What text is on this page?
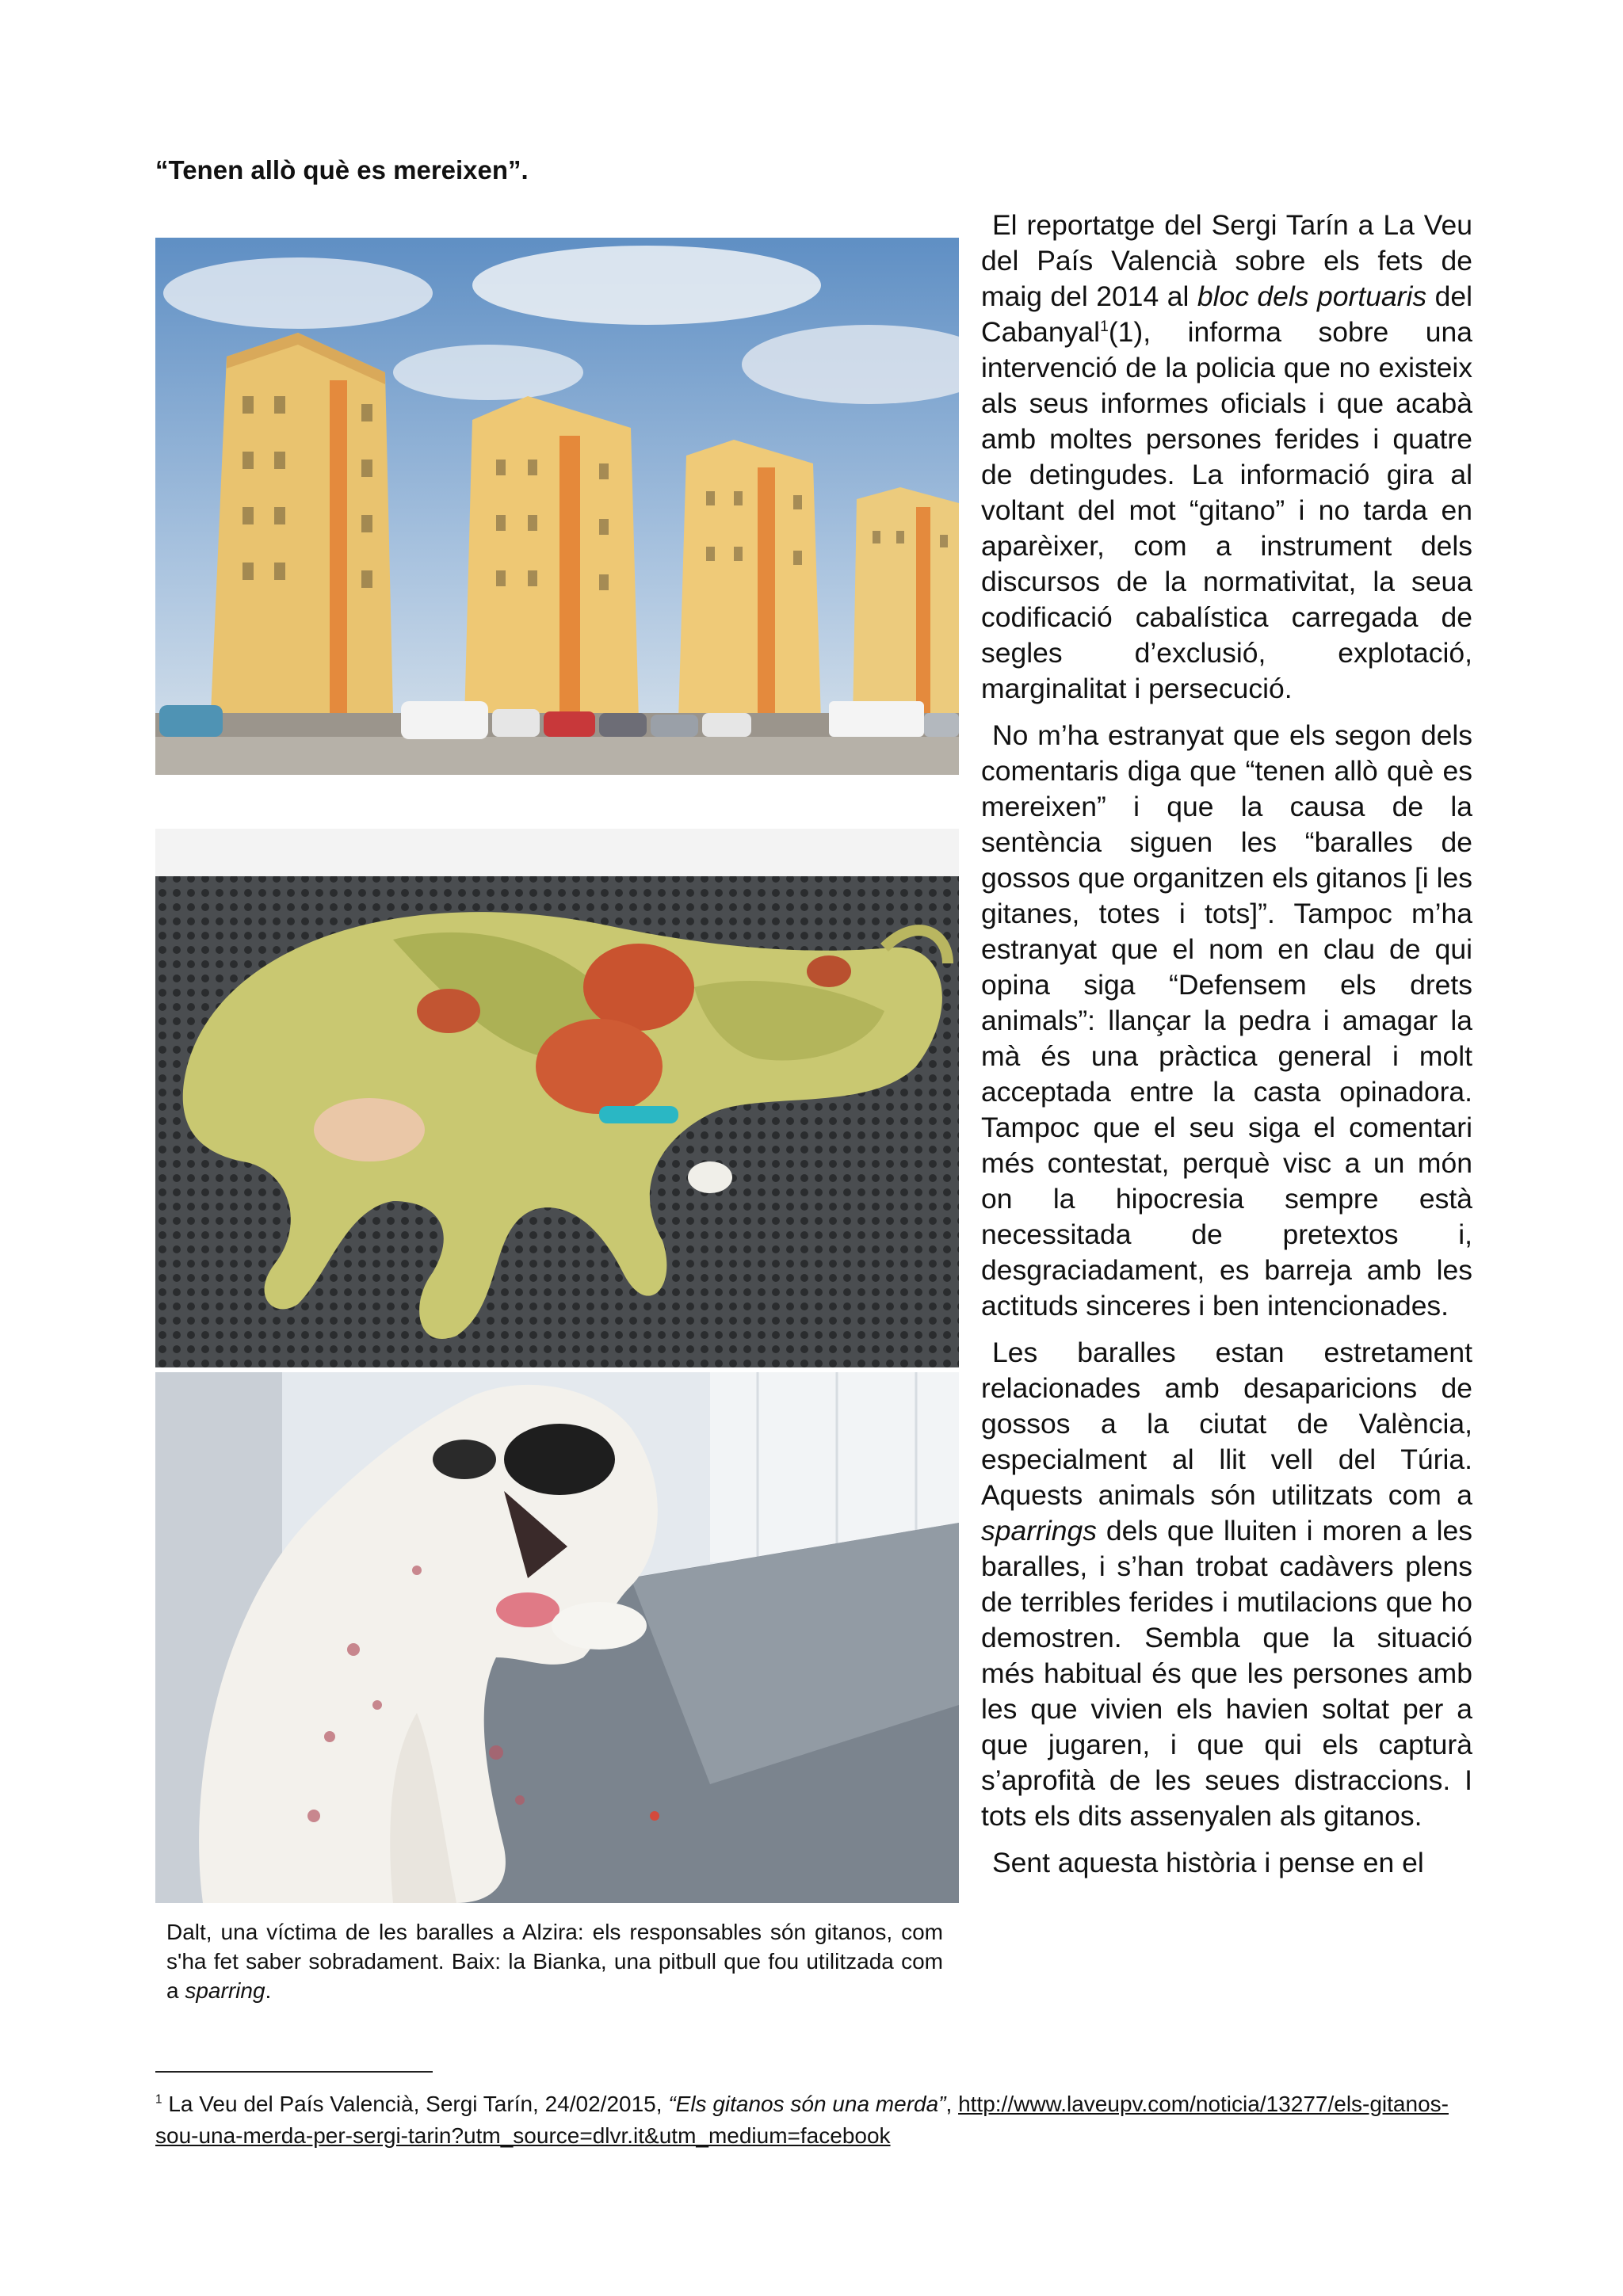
“Tenen allò què es mereixen”.

Dalt, una víctima de les baralles a Alzira: els responsables són gitanos, com s'ha fet saber sobradament. Baix: la Bianka, una pitbull que fou utilitzada com a sparring.

El reportatge del Sergi Tarín a La Veu del País Valencià sobre els fets de maig del 2014 al bloc dels portuaris del Cabanyal$^1$(1), informa sobre una intervenció de la policia que no existeix als seus informes oficials i que acabà amb moltes persones ferides i quatre de detingudes. La informació gira al voltant del mot “gitano” i no tarda en aparèixer, com a instrument dels discursos de la normativitat, la seua codificació cabalística carregada de segles d’exclusió, explotació, marginalitat i persecució.

No m’ha estranyat que els segon dels comentaris diga que “tenen allò què es mereixen” i que la causa de la sentència siguen les “baralles de gossos que organitzen els gitanos [i les gitanes, totes i tots]”. Tampoc m’ha estranyat que el nom en clau de qui opina siga “Defensem els drets animals”: llançar la pedra i amagar la mà és una pràctica general i molt acceptada entre la casta opinadora. Tampoc que el seu siga el comentari més contestat, perquè visc a un món on la hipocresia sempre està necessitada de pretextos i, desgraciadament, es barreja amb les actituds sinceres i ben intencionades.

Les baralles estan estretament relacionades amb desaparicions de gossos a la ciutat de València, especialment al llit vell del Túria. Aquests animals són utilitzats com a sparrings dels que lluiten i moren a les baralles, i s’han trobat cadàvers plens de terribles ferides i mutilacions que ho demostren. Sembla que la situació més habitual és que les persones amb les que vivien els havien soltat per a que jugaren, i que qui els capturà s’aprofità de les seues distraccions. I tots els dits assenyalen als gitanos.

Sent aquesta història i pense en el

$^1$ La Veu del País Valencià, Sergi Tarín, 24/02/2015, “Els gitanos són una merda”, http://www.laveupv.com/noticia/13277/els-gitanos-sou-una-merda-per-sergi-tarin?utm_source=dlvr.it&utm_medium=facebook
